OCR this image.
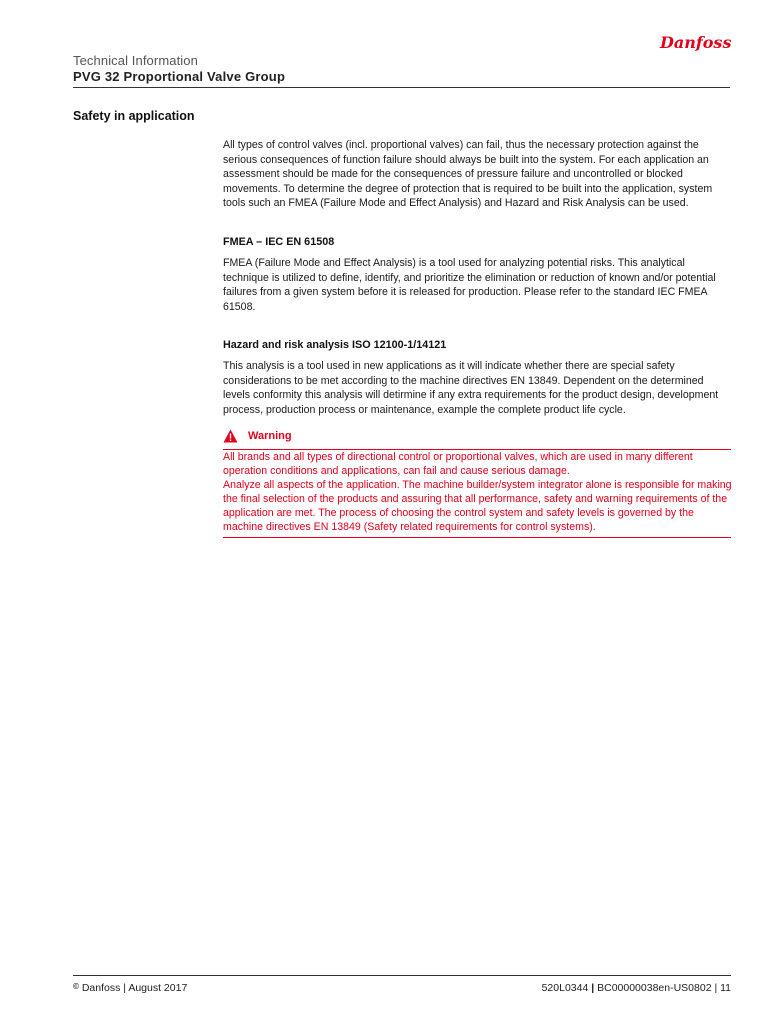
Technical Information
PVG 32 Proportional Valve Group
Danfoss
Safety in application

All types of control valves (incl. proportional valves) can fail, thus the necessary protection against the serious consequences of function failure should always be built into the system. For each application an assessment should be made for the consequences of pressure failure and uncontrolled or blocked movements. To determine the degree of protection that is required to be built into the application, system tools such an FMEA (Failure Mode and Effect Analysis) and Hazard and Risk Analysis can be used.

FMEA – IEC EN 61508

FMEA (Failure Mode and Effect Analysis) is a tool used for analyzing potential risks. This analytical technique is utilized to define, identify, and prioritize the elimination or reduction of known and/or potential failures from a given system before it is released for production. Please refer to the standard IEC FMEA 61508.

Hazard and risk analysis ISO 12100-1/14121

This analysis is a tool used in new applications as it will indicate whether there are special safety considerations to be met according to the machine directives EN 13849. Dependent on the determined levels conformity this analysis will detirmine if any extra requirements for the product design, development process, production process or maintenance, example the complete product life cycle.

Warning

All brands and all types of directional control or proportional valves, which are used in many different operation conditions and applications, can fail and cause serious damage.

Analyze all aspects of the application. The machine builder/system integrator alone is responsible for making the final selection of the products and assuring that all performance, safety and warning requirements of the application are met. The process of choosing the control system and safety levels is governed by the machine directives EN 13849 (Safety related requirements for control systems).

© Danfoss | August 2017	520L0344 | BC00000038en-US0802 | 11
